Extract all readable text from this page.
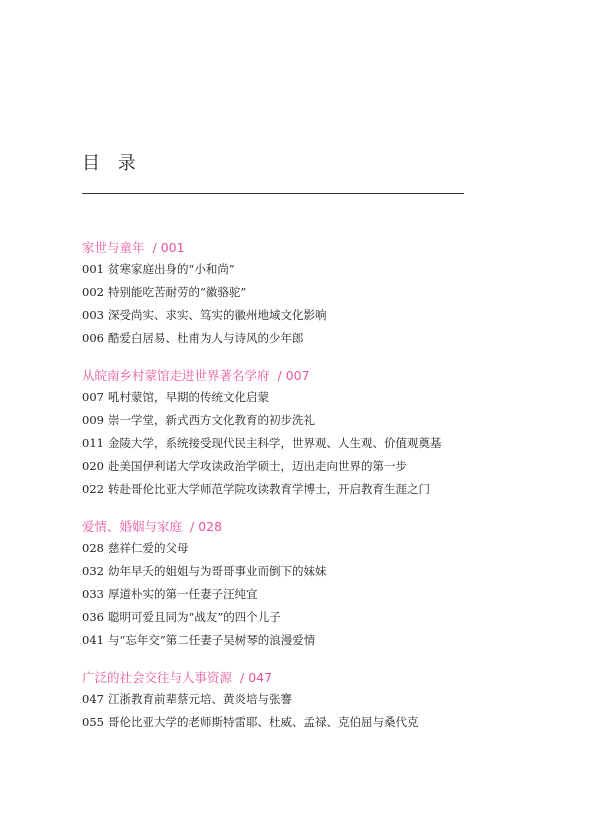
目 录
家世与童年 / 001
001 贫寒家庭出身的“小和尚”
002 特别能吃苦耐劳的“徽骆驼”
003 深受尚实、求实、笃实的徽州地域文化影响
006 酷爱白居易、杜甫为人与诗风的少年郎
从皖南乡村蒙馆走进世界著名学府 / 007
007 吼村蒙馆，早期的传统文化启蒙
009 崇一学堂，新式西方文化教育的初步洗礼
011 金陵大学，系统接受现代民主科学，世界观、人生观、价值观奠基
020 赴美国伊利诺大学攻读政治学硕士，迈出走向世界的第一步
022 转赴哥伦比亚大学师范学院攻读教育学博士，开启教育生涯之门
爱情、婚姻与家庭 / 028
028 慈祥仁爱的父母
032 幼年早夭的姐姐与为哥哥事业而倒下的妹妹
033 厚道朴实的第一任妻子汪纯宜
036 聪明可爱且同为“战友”的四个儿子
041 与“忘年交”第二任妻子吴树琴的浪漫爱情
广泛的社会交往与人事资源 / 047
047 江浙教育前辈蔡元培、黄炎培与张謇
055 哥伦比亚大学的老师斯特雷耶、杜威、孟禄、克伯屈与桑代克
